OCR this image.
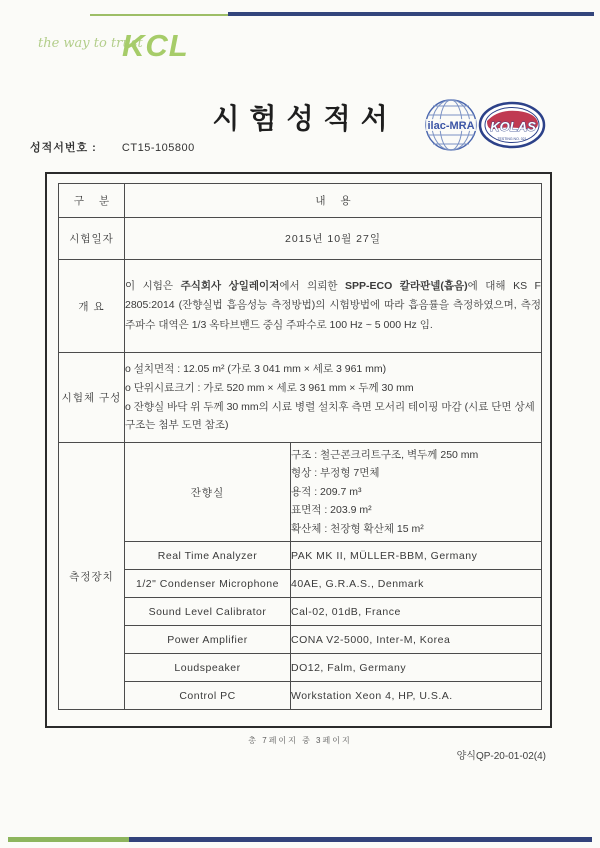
the way to trust
KCL
시험성적서
성적서번호 : CT15-105800
ilac-MRA KOLAS
TESTING NO. 021
구 분	내 용	
시험일자	2015년 10월 27일	
개 요	이 시험은 주식회사 상일레이저에서 의뢰한 SPP-ECO 칼라판넬(흡음)에 대해 KS F 2805:2014 (잔향실법 흡음성능 측정방법)의 시험방법에 따라 흡음률을 측정하였으며, 측정 주파수 대역은 1/3 옥타브밴드 중심 주파수로 100 Hz ~ 5 000 Hz 임.	
시험체 구성	o 설치면적 : 12.05 m² (가로 3 041 mm × 세로 3 961 mm)
o 단위시료크기 : 가로 520 mm × 세로 3 961 mm × 두께 30 mm
o 잔향실 바닥 위 두께 30 mm의 시료 병렬 설치후 측면 모서리 테이핑 마감 (시료 단면 상세구조는 첨부 도면 참조)	

측정장치	잔향실	구조 : 철근콘크리트구조, 벽두께 250 mm
형상 : 부정형 7면체
용적 : 209.7 m³
표면적 : 203.9 m²
확산체 : 천장형 확산체 15 m²

	Real Time Analyzer	PAK MK II, MÜLLER-BBM, Germany
	1/2" Condenser Microphone	40AE, G.R.A.S., Denmark
	Sound Level Calibrator	Cal-02, 01dB, France
	Power Amplifier	CONA V2-5000, Inter-M, Korea
	Loudspeaker	DO12, Falm, Germany
	Control PC	Workstation Xeon 4, HP, U.S.A.
총 7페이지 중 3페이지
양식QP-20-01-02(4)
